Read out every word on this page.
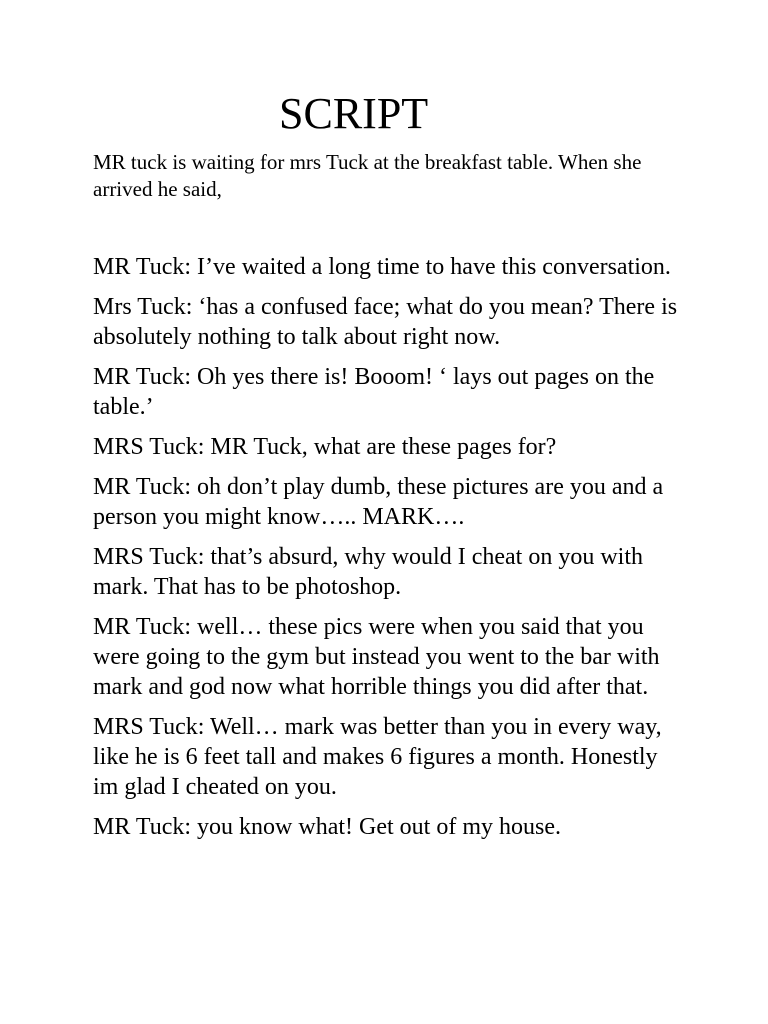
SCRIPT

MR tuck is waiting for mrs Tuck at the breakfast table. When she arrived he said,

MR Tuck: I’ve waited a long time to have this conversation.

Mrs Tuck: ‘has a confused face; what do you mean? There is absolutely nothing to talk about right now.

MR Tuck: Oh yes there is! Booom! ‘ lays out pages on the table.’

MRS Tuck: MR Tuck, what are these pages for?

MR Tuck: oh don’t play dumb, these pictures are you and a person you might know….. MARK….

MRS Tuck: that’s absurd, why would I cheat on you with mark. That has to be photoshop.

MR Tuck: well… these pics were when you said that you were going to the gym but instead you went to the bar with mark and god now what horrible things you did after that.

MRS Tuck: Well… mark was better than you in every way, like he is 6 feet tall and makes 6 figures a month. Honestly im glad I cheated on you.

MR Tuck: you know what! Get out of my house.
